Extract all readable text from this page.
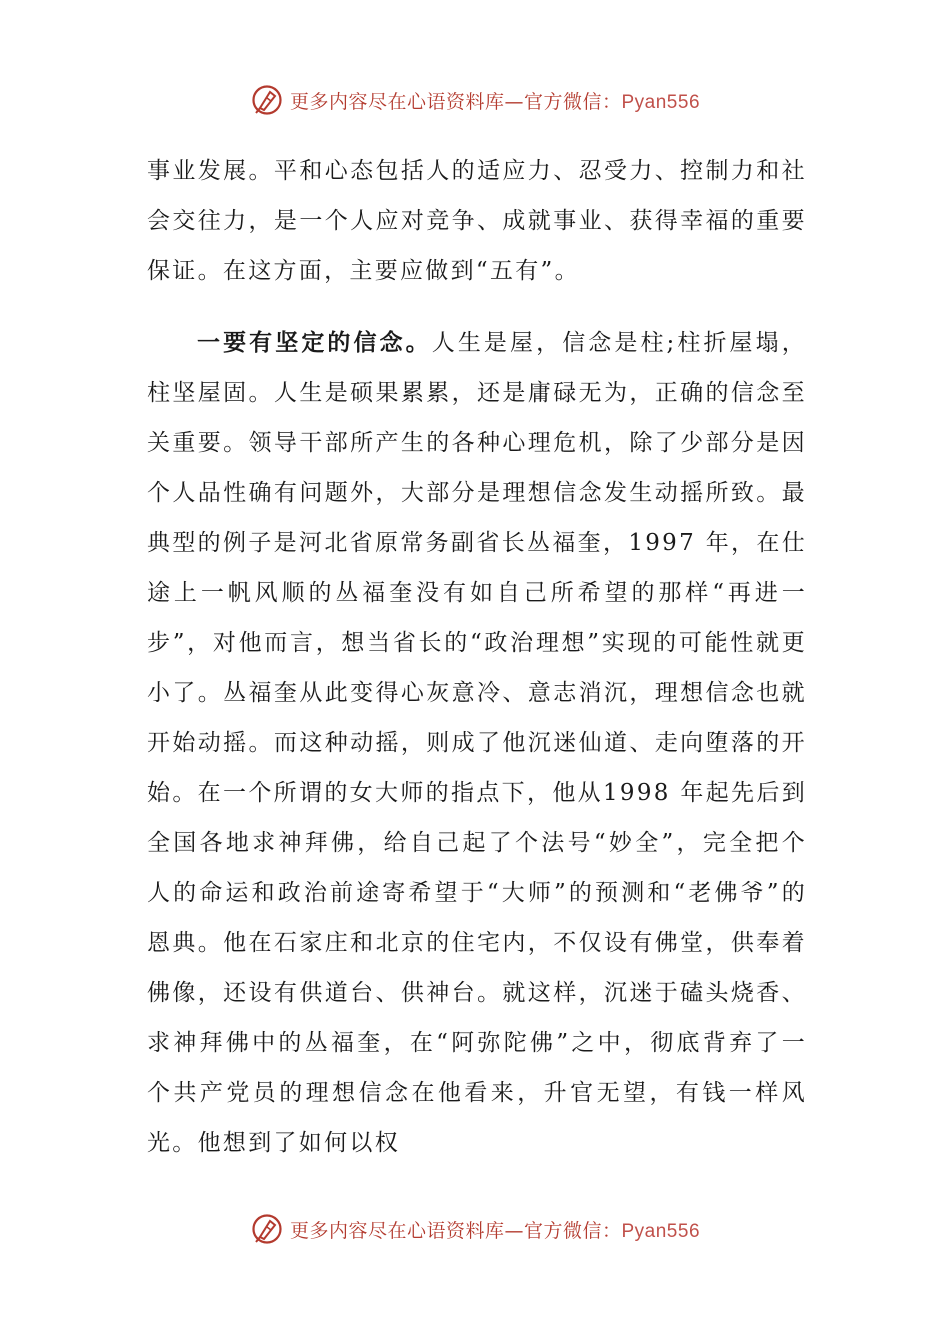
更多内容尽在心语资料库—官方微信：Pyan556

事业发展。平和心态包括人的适应力、忍受力、控制力和社会交往力，是一个人应对竞争、成就事业、获得幸福的重要保证。在这方面，主要应做到“五有”。

一要有坚定的信念。人生是屋，信念是柱;柱折屋塌，柱坚屋固。人生是硕果累累，还是庸碌无为，正确的信念至关重要。领导干部所产生的各种心理危机，除了少部分是因个人品性确有问题外，大部分是理想信念发生动摇所致。最典型的例子是河北省原常务副省长丛福奎，1997 年，在仕途上一帆风顺的丛福奎没有如自己所希望的那样“再进一步”，对他而言，想当省长的“政治理想”实现的可能性就更小了。丛福奎从此变得心灰意冷、意志消沉，理想信念也就开始动摇。而这种动摇，则成了他沉迷仙道、走向堕落的开始。在一个所谓的女大师的指点下，他从1998 年起先后到全国各地求神拜佛，给自己起了个法号“妙全”，完全把个人的命运和政治前途寄希望于“大师”的预测和“老佛爷”的恩典。他在石家庄和北京的住宅内，不仅设有佛堂，供奉着佛像，还设有供道台、供神台。就这样，沉迷于磕头烧香、求神拜佛中的丛福奎，在“阿弥陀佛”之中，彻底背弃了一个共产党员的理想信念在他看来，升官无望，有钱一样风光。他想到了如何以权

更多内容尽在心语资料库—官方微信：Pyan556
